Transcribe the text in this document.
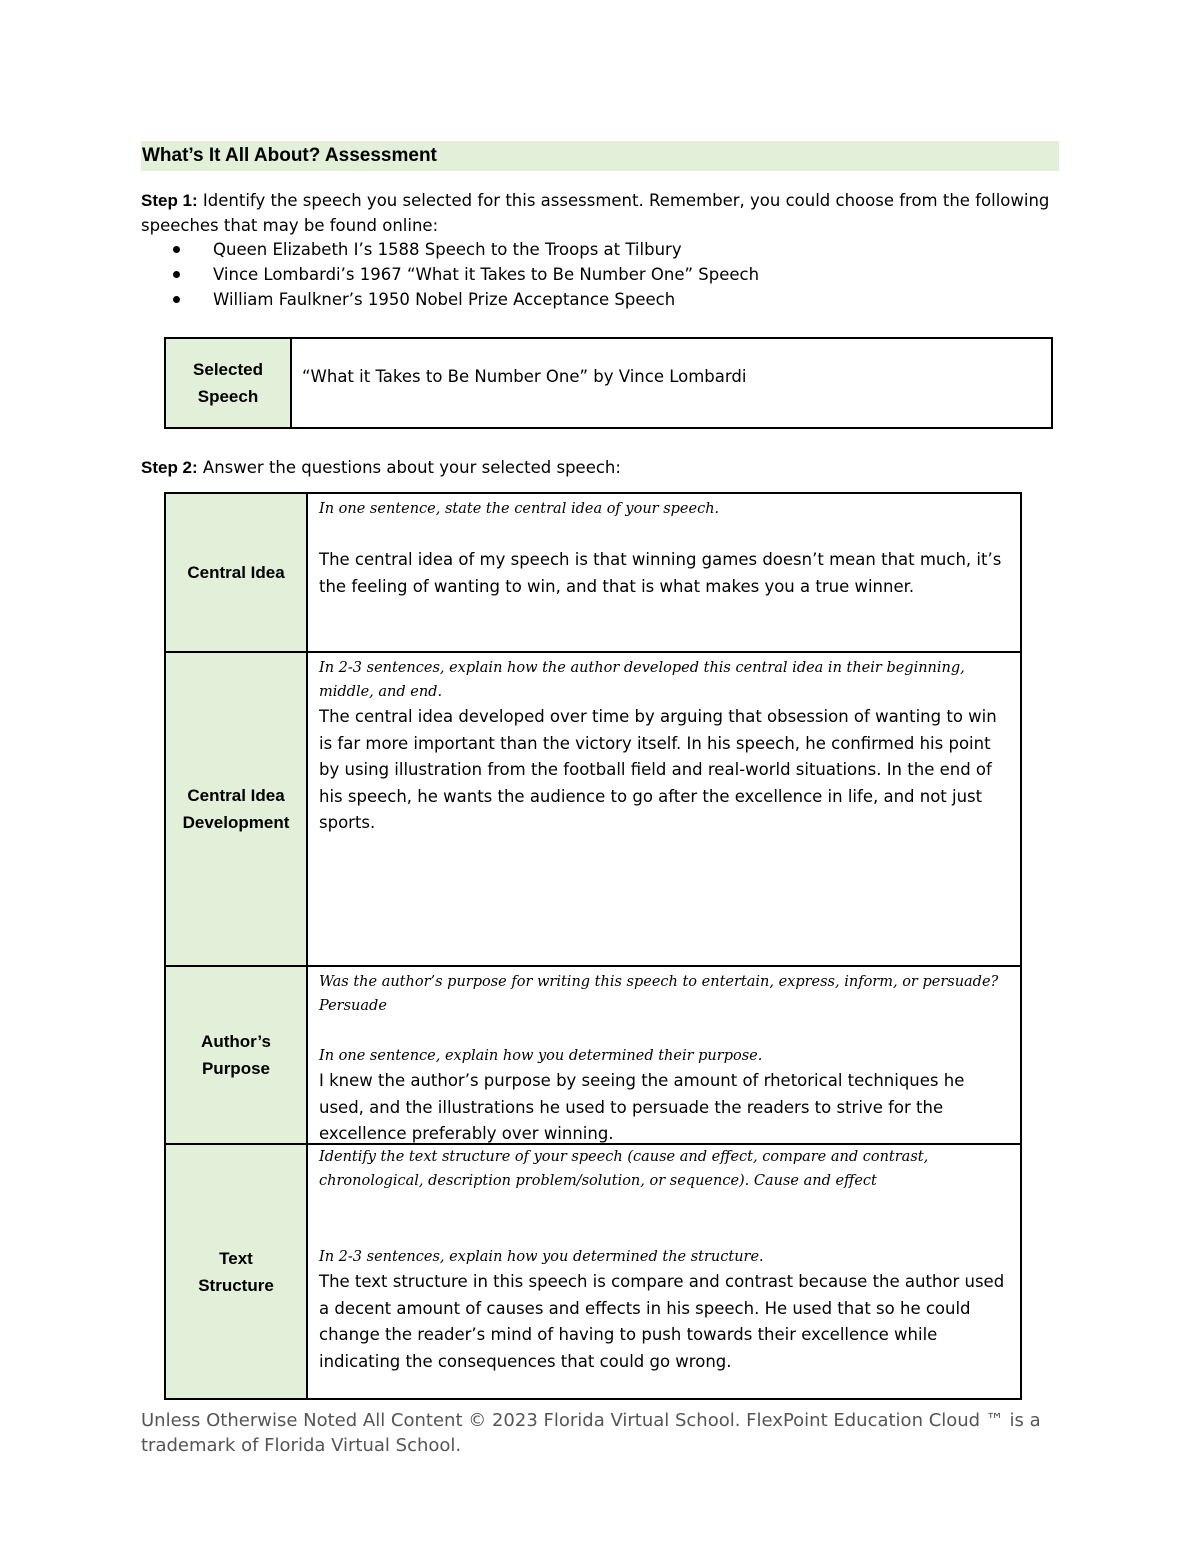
What’s It All About? Assessment
Step 1: Identify the speech you selected for this assessment. Remember, you could choose from the following speeches that may be found online:
Queen Elizabeth I’s 1588 Speech to the Troops at Tilbury
Vince Lombardi’s 1967 “What it Takes to Be Number One” Speech
William Faulkner’s 1950 Nobel Prize Acceptance Speech
Selected
Speech
“What it Takes to Be Number One” by Vince Lombardi
Step 2: Answer the questions about your selected speech:
Central Idea

In one sentence, state the central idea of your speech.

The central idea of my speech is that winning games doesn’t mean that much, it’s the feeling of wanting to win, and that is what makes you a true winner.

Central Idea
Development

In 2-3 sentences, explain how the author developed this central idea in their beginning, middle, and end.

The central idea developed over time by arguing that obsession of wanting to win is far more important than the victory itself. In his speech, he confirmed his point by using illustration from the football field and real-world situations. In the end of his speech, he wants the audience to go after the excellence in life, and not just sports.

Author’s
Purpose

Was the author’s purpose for writing this speech to entertain, express, inform, or persuade? Persuade

In one sentence, explain how you determined their purpose.

I knew the author’s purpose by seeing the amount of rhetorical techniques he used, and the illustrations he used to persuade the readers to strive for the excellence preferably over winning.

Text
Structure

Identify the text structure of your speech (cause and effect, compare and contrast, chronological, description problem/solution, or sequence). Cause and effect

In 2-3 sentences, explain how you determined the structure.

The text structure in this speech is compare and contrast because the author used a decent amount of causes and effects in his speech. He used that so he could change the reader’s mind of having to push towards their excellence while indicating the consequences that could go wrong.

Unless Otherwise Noted All Content © 2023 Florida Virtual School. FlexPoint Education Cloud ™ is a trademark of Florida Virtual School.
